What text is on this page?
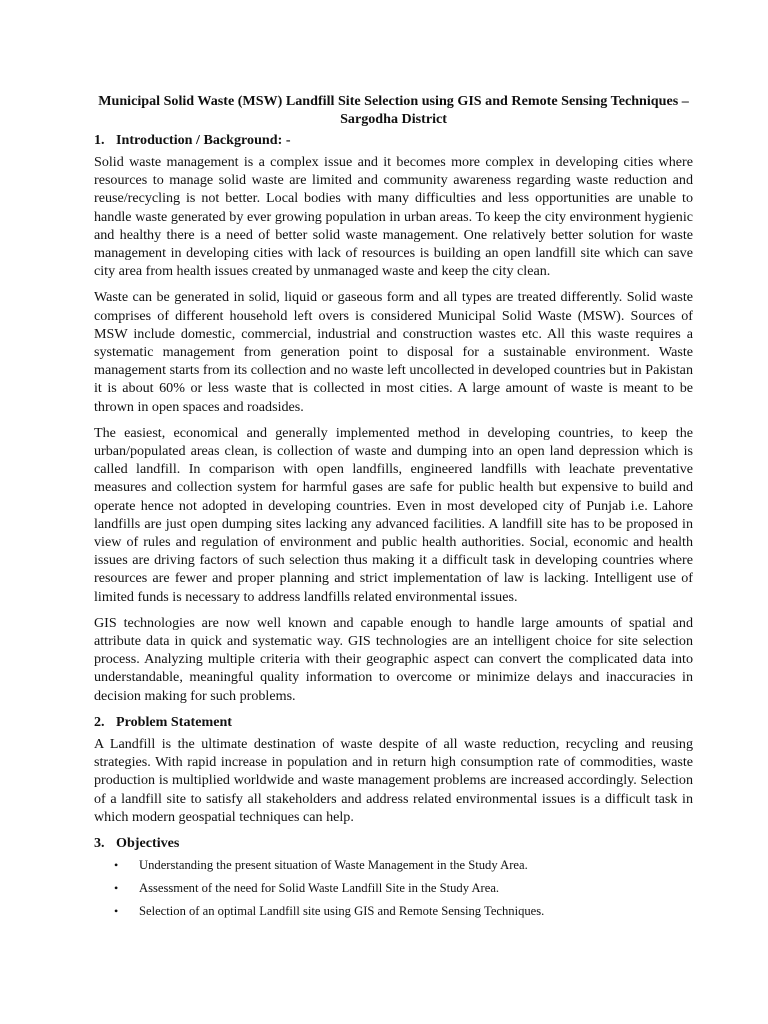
Municipal Solid Waste (MSW) Landfill Site Selection using GIS and Remote Sensing Techniques – Sargodha District
1. Introduction / Background: -

Solid waste management is a complex issue and it becomes more complex in developing cities where resources to manage solid waste are limited and community awareness regarding waste reduction and reuse/recycling is not better. Local bodies with many difficulties and less opportunities are unable to handle waste generated by ever growing population in urban areas. To keep the city environment hygienic and healthy there is a need of better solid waste management. One relatively better solution for waste management in developing cities with lack of resources is building an open landfill site which can save city area from health issues created by unmanaged waste and keep the city clean.

Waste can be generated in solid, liquid or gaseous form and all types are treated differently. Solid waste comprises of different household left overs is considered Municipal Solid Waste (MSW). Sources of MSW include domestic, commercial, industrial and construction wastes etc. All this waste requires a systematic management from generation point to disposal for a sustainable environment. Waste management starts from its collection and no waste left uncollected in developed countries but in Pakistan it is about 60% or less waste that is collected in most cities. A large amount of waste is meant to be thrown in open spaces and roadsides.

The easiest, economical and generally implemented method in developing countries, to keep the urban/populated areas clean, is collection of waste and dumping into an open land depression which is called landfill. In comparison with open landfills, engineered landfills with leachate preventative measures and collection system for harmful gases are safe for public health but expensive to build and operate hence not adopted in developing countries. Even in most developed city of Punjab i.e. Lahore landfills are just open dumping sites lacking any advanced facilities. A landfill site has to be proposed in view of rules and regulation of environment and public health authorities. Social, economic and health issues are driving factors of such selection thus making it a difficult task in developing countries where resources are fewer and proper planning and strict implementation of law is lacking. Intelligent use of limited funds is necessary to address landfills related environmental issues.

GIS technologies are now well known and capable enough to handle large amounts of spatial and attribute data in quick and systematic way. GIS technologies are an intelligent choice for site selection process. Analyzing multiple criteria with their geographic aspect can convert the complicated data into understandable, meaningful quality information to overcome or minimize delays and inaccuracies in decision making for such problems.

2. Problem Statement

A Landfill is the ultimate destination of waste despite of all waste reduction, recycling and reusing strategies. With rapid increase in population and in return high consumption rate of commodities, waste production is multiplied worldwide and waste management problems are increased accordingly. Selection of a landfill site to satisfy all stakeholders and address related environmental issues is a difficult task in which modern geospatial techniques can help.

3. Objectives
• Understanding the present situation of Waste Management in the Study Area.
• Assessment of the need for Solid Waste Landfill Site in the Study Area.
• Selection of an optimal Landfill site using GIS and Remote Sensing Techniques.
